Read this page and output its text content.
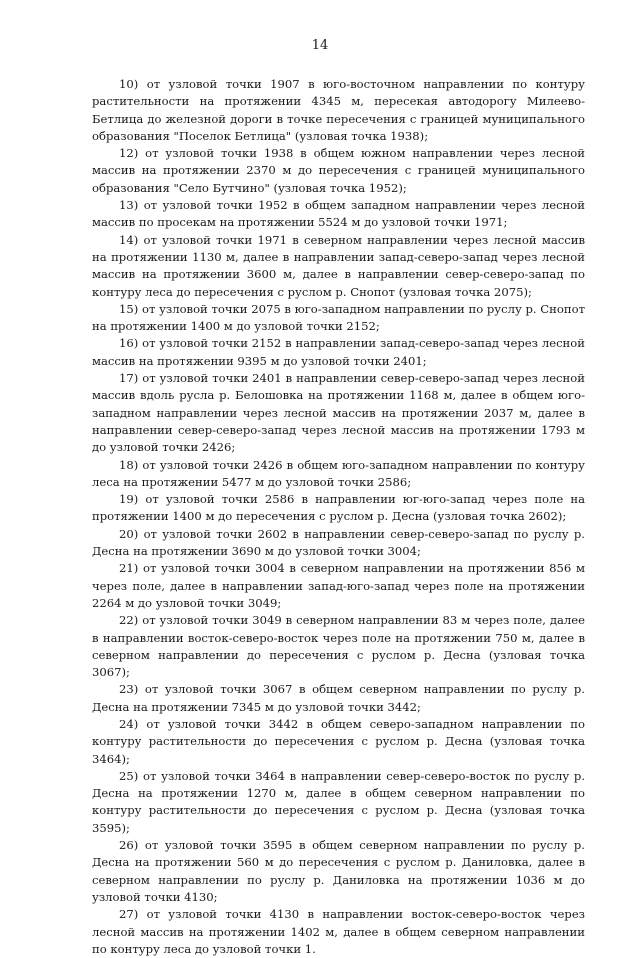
14

10) от узловой точки 1907 в юго-восточном направлении по контуру растительности на протяжении 4345 м, пересекая автодорогу Милеево-Бетлица до железной дороги в точке пересечения с границей муниципального образования "Поселок Бетлица" (узловая точка 1938);

12) от узловой точки 1938 в общем южном направлении через лесной массив на протяжении 2370 м до пересечения с границей муниципального образования "Село Бутчино" (узловая точка 1952);

13) от узловой точки 1952 в общем западном направлении через лесной массив по просекам на протяжении 5524 м до узловой точки 1971;

14) от узловой точки 1971 в северном направлении через лесной массив на протяжении 1130 м, далее в направлении запад-северо-запад через лесной массив на протяжении 3600 м, далее в направлении север-северо-запад по контуру леса до пересечения с руслом р. Снопот (узловая точка 2075);

15) от узловой точки 2075 в юго-западном направлении по руслу р. Снопот на протяжении 1400 м до узловой точки 2152;

16) от узловой точки 2152 в направлении запад-северо-запад через лесной массив на протяжении 9395 м до узловой точки 2401;

17) от узловой точки 2401 в направлении север-северо-запад через лесной массив вдоль русла р. Белошовка на протяжении 1168 м, далее в общем юго-западном направлении через лесной массив на протяжении 2037 м, далее в направлении север-северо-запад через лесной массив на протяжении 1793 м до узловой точки 2426;

18) от узловой точки 2426 в общем юго-западном направлении по контуру леса на протяжении 5477 м до узловой точки 2586;

19) от узловой точки 2586 в направлении юг-юго-запад через поле на протяжении 1400 м до пересечения с руслом р. Десна (узловая точка 2602);

20) от узловой точки 2602 в направлении север-северо-запад по руслу р. Десна на протяжении 3690 м до узловой точки 3004;

21) от узловой точки 3004 в северном направлении на протяжении 856 м через поле, далее в направлении запад-юго-запад через поле на протяжении 2264 м до узловой точки 3049;

22) от узловой точки 3049 в северном направлении 83 м через поле, далее в направлении восток-северо-восток через поле на протяжении 750 м, далее в северном направлении до пересечения с руслом р. Десна (узловая точка 3067);

23) от узловой точки 3067 в общем северном направлении по руслу р. Десна на протяжении 7345 м до узловой точки 3442;

24) от узловой точки 3442 в общем северо-западном направлении по контуру растительности до пересечения с руслом р. Десна (узловая точка 3464);

25) от узловой точки 3464 в направлении север-северо-восток по руслу р. Десна на протяжении 1270 м, далее в общем северном направлении по контуру растительности до пересечения с руслом р. Десна (узловая точка 3595);

26) от узловой точки 3595 в общем северном направлении по руслу р. Десна на протяжении 560 м до пересечения с руслом р. Даниловка, далее в северном направлении по руслу р. Даниловка на протяжении 1036 м до узловой точки 4130;

27) от узловой точки 4130 в направлении восток-северо-восток через лесной массив на протяжении 1402 м, далее в общем северном направлении по контуру леса до узловой точки 1.
